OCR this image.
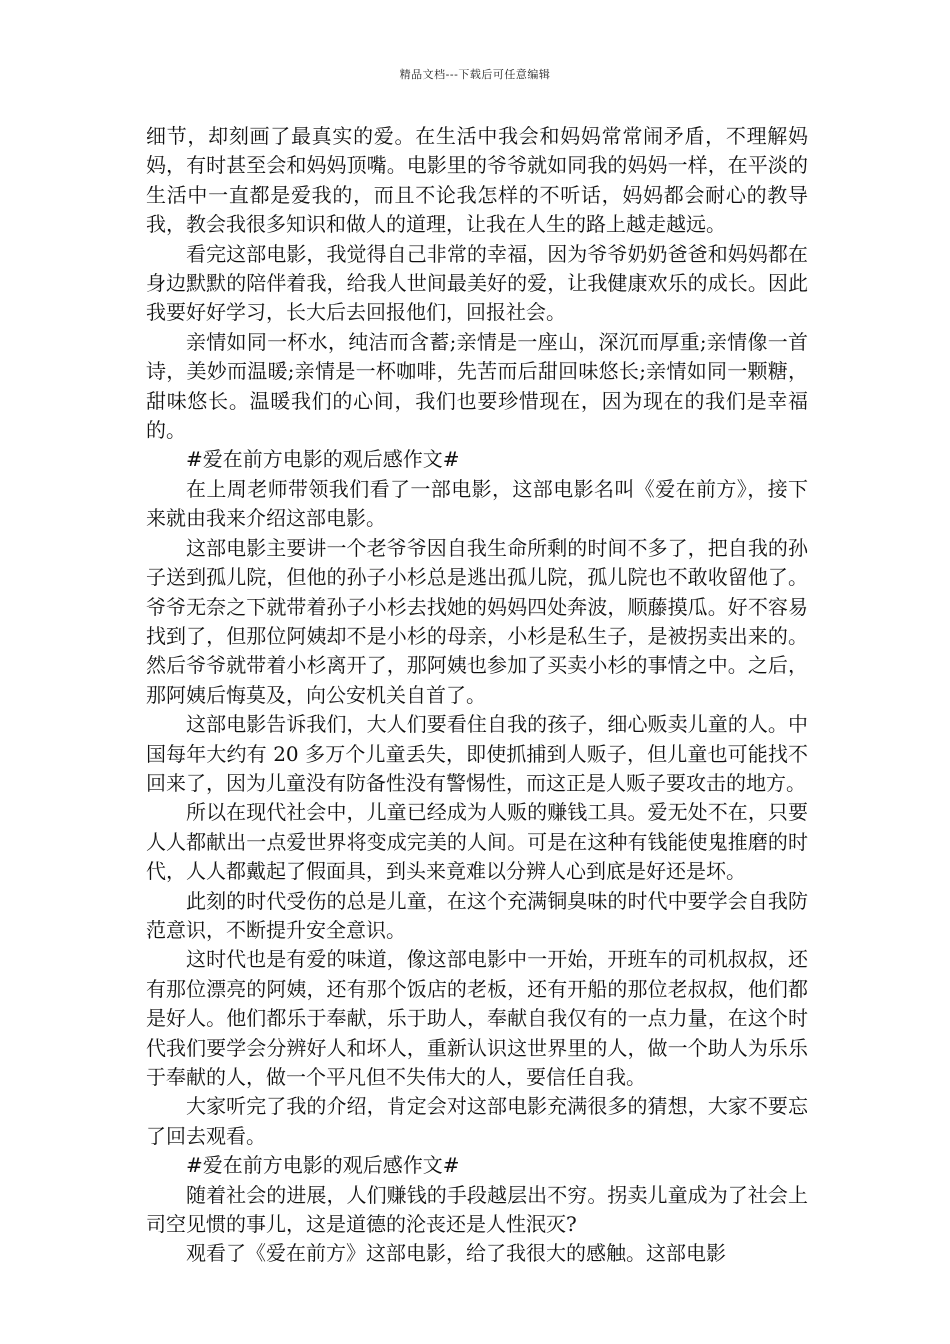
精品文档---下载后可任意编辑

细节，却刻画了最真实的爱。在生活中我会和妈妈常常闹矛盾，不理解妈妈，有时甚至会和妈妈顶嘴。电影里的爷爷就如同我的妈妈一样，在平淡的生活中一直都是爱我的，而且不论我怎样的不听话，妈妈都会耐心的教导我，教会我很多知识和做人的道理，让我在人生的路上越走越远。

看完这部电影，我觉得自己非常的幸福，因为爷爷奶奶爸爸和妈妈都在身边默默的陪伴着我，给我人世间最美好的爱，让我健康欢乐的成长。因此我要好好学习，长大后去回报他们，回报社会。

亲情如同一杯水，纯洁而含蓄;亲情是一座山，深沉而厚重;亲情像一首诗，美妙而温暖;亲情是一杯咖啡，先苦而后甜回味悠长;亲情如同一颗糖，甜味悠长。温暖我们的心间，我们也要珍惜现在，因为现在的我们是幸福的。

#爱在前方电影的观后感作文#

在上周老师带领我们看了一部电影，这部电影名叫《爱在前方》，接下来就由我来介绍这部电影。

这部电影主要讲一个老爷爷因自我生命所剩的时间不多了，把自我的孙子送到孤儿院，但他的孙子小杉总是逃出孤儿院，孤儿院也不敢收留他了。爷爷无奈之下就带着孙子小杉去找她的妈妈四处奔波，顺藤摸瓜。好不容易找到了，但那位阿姨却不是小杉的母亲，小杉是私生子，是被拐卖出来的。然后爷爷就带着小杉离开了，那阿姨也参加了买卖小杉的事情之中。之后，那阿姨后悔莫及，向公安机关自首了。

这部电影告诉我们，大人们要看住自我的孩子，细心贩卖儿童的人。中国每年大约有 20 多万个儿童丢失，即使抓捕到人贩子，但儿童也可能找不回来了，因为儿童没有防备性没有警惕性，而这正是人贩子要攻击的地方。

所以在现代社会中，儿童已经成为人贩的赚钱工具。爱无处不在，只要人人都献出一点爱世界将变成完美的人间。可是在这种有钱能使鬼推磨的时代，人人都戴起了假面具，到头来竟难以分辨人心到底是好还是坏。

此刻的时代受伤的总是儿童，在这个充满铜臭味的时代中要学会自我防范意识，不断提升安全意识。

这时代也是有爱的味道，像这部电影中一开始，开班车的司机叔叔，还有那位漂亮的阿姨，还有那个饭店的老板，还有开船的那位老叔叔，他们都是好人。他们都乐于奉献，乐于助人，奉献自我仅有的一点力量，在这个时代我们要学会分辨好人和坏人，重新认识这世界里的人，做一个助人为乐乐于奉献的人，做一个平凡但不失伟大的人，要信任自我。

大家听完了我的介绍，肯定会对这部电影充满很多的猜想，大家不要忘了回去观看。

#爱在前方电影的观后感作文#

随着社会的进展，人们赚钱的手段越层出不穷。拐卖儿童成为了社会上司空见惯的事儿，这是道德的沦丧还是人性泯灭?

观看了《爱在前方》这部电影，给了我很大的感触。这部电影
